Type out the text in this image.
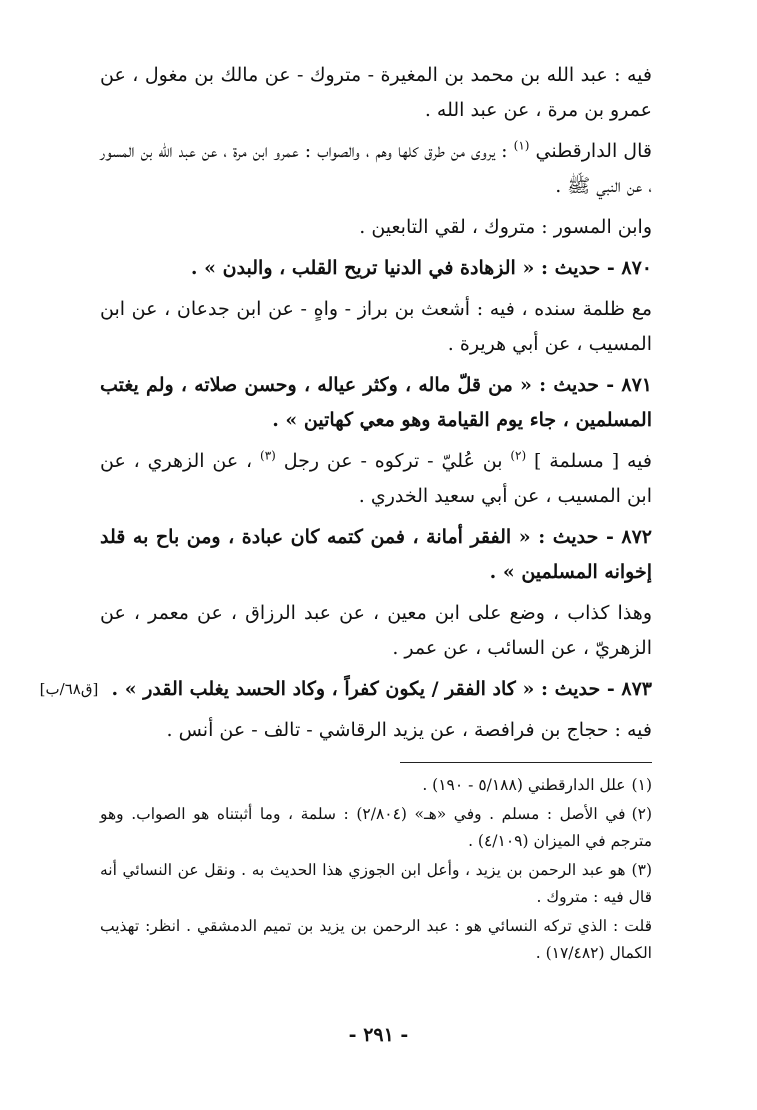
فيه : عبد الله بن محمد بن المغيرة - متروك - عن مالك بن مغول ، عن عمرو بن مرة ، عن عبد الله .

قال الدارقطني $^{(١)}$ : يروى من طرق كلها وهم ، والصواب : عمرو ابن مرة ، عن عبد الله بن المسور ، عن النبي ﷺ .

وابن المسور : متروك ، لقي التابعين .

٨٧٠ - حديث : « الزهادة في الدنيا تريح القلب ، والبدن » .

مع ظلمة سنده ، فيه : أشعث بن براز - واهٍ - عن ابن جدعان ، عن ابن المسيب ، عن أبي هريرة .

٨٧١ - حديث : « من قلّ ماله ، وكثر عياله ، وحسن صلاته ، ولم يغتب المسلمين ، جاء يوم القيامة وهو معي كهاتين » .

فيه [ مسلمة ] $^{(٢)}$ بن عُليّ - تركوه - عن رجل $^{(٣)}$ ، عن الزهري ، عن ابن المسيب ، عن أبي سعيد الخدري .

٨٧٢ - حديث : « الفقر أمانة ، فمن كتمه كان عبادة ، ومن باح به قلد إخوانه المسلمين » .

وهذا كذاب ، وضع على ابن معين ، عن عبد الرزاق ، عن معمر ، عن الزهريّ ، عن السائب ، عن عمر .

٨٧٣ - حديث : « كاد الفقر / يكون كفراً ، وكاد الحسد يغلب القدر » .

فيه : حجاج بن فرافصة ، عن يزيد الرقاشي - تالف - عن أنس .

[ق٦٨/ب]

(١)علل الدارقطني (٥/١٨٨ - ١٩٠) .

(٢)في الأصل : مسلم . وفي «هـ» (٢/٨٠٤) : سلمة ، وما أثبتناه هو الصواب. وهو مترجم في الميزان (٤/١٠٩) .

(٣)هو عبد الرحمن بن يزيد ، وأعل ابن الجوزي هذا الحديث به . ونقل عن النسائي أنه قال فيه : متروك .

قلت : الذي تركه النسائي هو : عبد الرحمن بن يزيد بن تميم الدمشقي . انظر: تهذيب الكمال (١٧/٤٨٢) .

- ٢٩١ -
